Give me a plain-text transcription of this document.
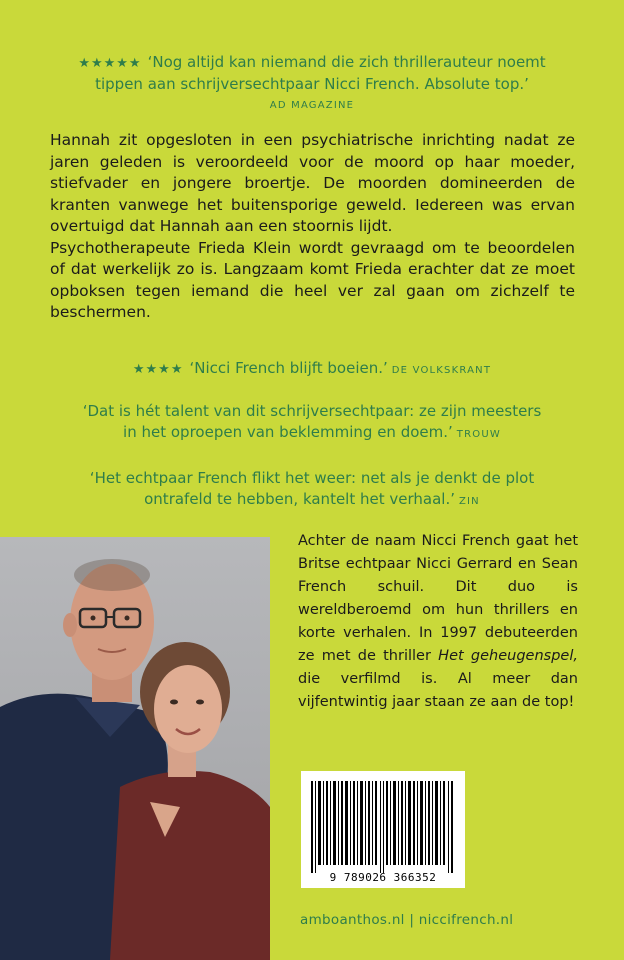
★★★★★ ‘Nog altijd kan niemand die zich thrillerauteur noemt
tippen aan schrijversechtpaar Nicci French. Absolute top.’
AD MAGAZINE

Hannah zit opgesloten in een psychiatrische inrichting nadat ze jaren geleden is veroordeeld voor de moord op haar moeder, stiefvader en jongere broertje. De moorden domineerden de kranten vanwege het buitensporige geweld. Iedereen was ervan overtuigd dat Hannah aan een stoornis lijdt.

Psychotherapeute Frieda Klein wordt gevraagd om te beoordelen of dat werkelijk zo is. Langzaam komt Frieda erachter dat ze moet opboksen tegen iemand die heel ver zal gaan om zichzelf te beschermen.

★★★★ ‘Nicci French blijft boeien.’ DE VOLKSKRANT
‘Dat is hét talent van dit schrijversechtpaar: ze zijn meesters
in het oproepen van beklemming en doem.’ TROUW
‘Het echtpaar French flikt het weer: net als je denkt de plot
ontrafeld te hebben, kantelt het verhaal.’ ZIN

Achter de naam Nicci French gaat het Britse echtpaar Nicci Gerrard en Sean French schuil. Dit duo is wereldberoemd om hun thrillers en korte verhalen. In 1997 debuteerden ze met de thriller Het geheugenspel, die verfilmd is. Al meer dan vijfentwintig jaar staan ze aan de top!

9 789026 366352
amboanthos.nl | niccifrench.nl
